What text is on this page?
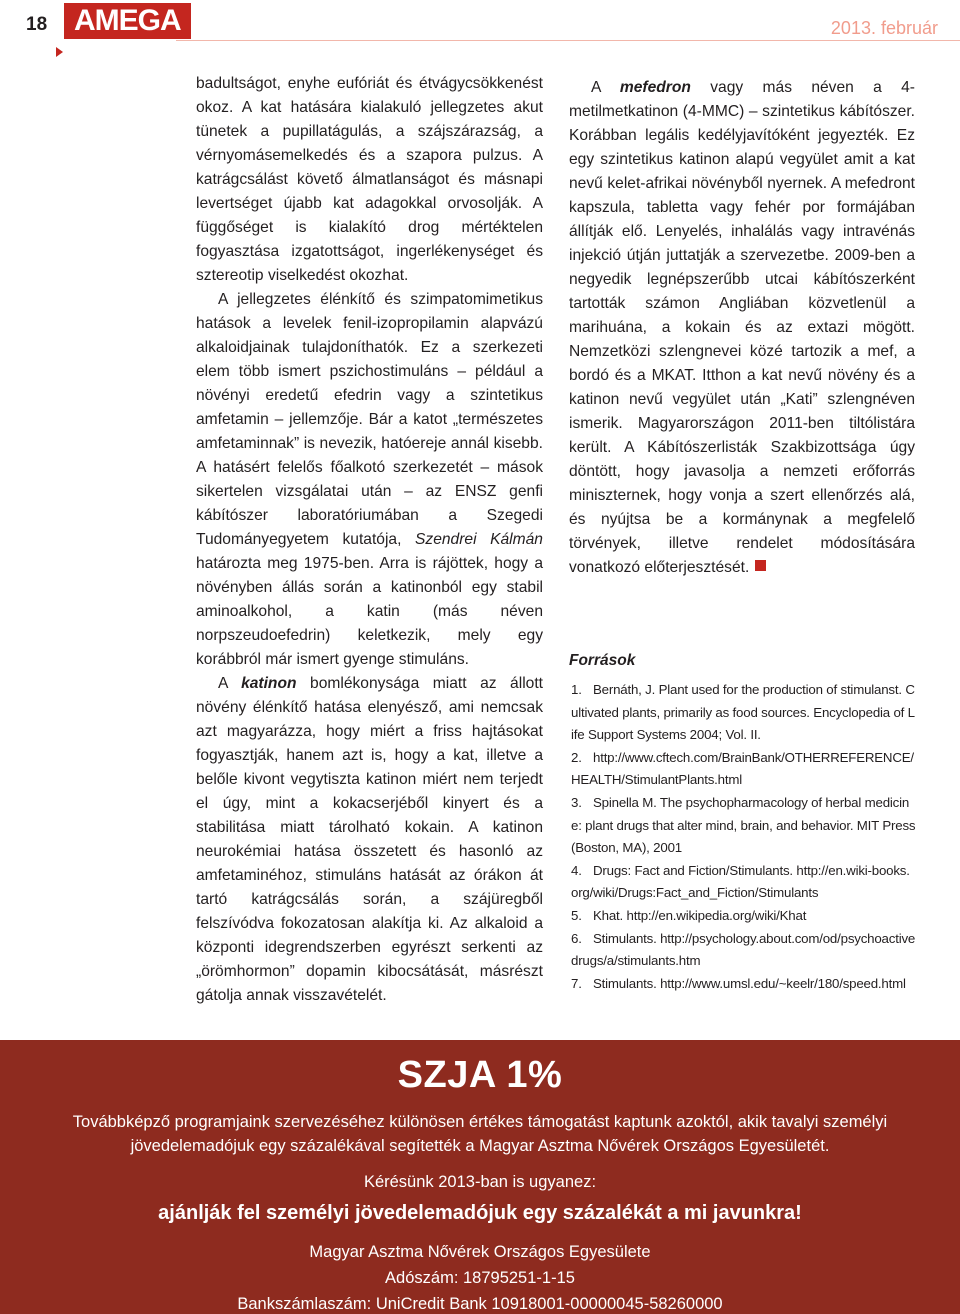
18 AMEGA	2013. február

badultságot, enyhe eufóriát és étvágycsökkenést okoz. A kat hatására kialakuló jellegzetes akut tünetek a pupillatágulás, a szájszárazság, a vérnyomásemelkedés és a szapora pulzus. A katrágcsálást követő álmatlanságot és másnapi levertséget újabb kat adagokkal orvosolják. A függőséget is kialakító drog mértéktelen fogyasztása izgatottságot, ingerlékenységet és sztereotip viselkedést okozhat.

A jellegzetes élénkítő és szimpatomimetikus hatások a levelek fenil-izopropilamin alapvázú alkaloidjainak tulajdoníthatók. Ez a szerkezeti elem több ismert pszichostimuláns – például a növényi eredetű efedrin vagy a szintetikus amfetamin – jellemzője. Bár a katot „természetes amfetaminnak” is nevezik, hatóereje annál kisebb. A hatásért felelős főalkotó szerkezetét – mások sikertelen vizsgálatai után – az ENSZ genfi kábítószer laboratóriumában a Szegedi Tudományegyetem kutatója, Szendrei Kálmán határozta meg 1975-ben. Arra is rájöttek, hogy a növényben állás során a katinonból egy stabil aminoalkohol, a katin (más néven norpszeudoefedrin) keletkezik, mely egy korábbról már ismert gyenge stimuláns.

A katinon bomlékonysága miatt az állott növény élénkítő hatása elenyésző, ami nemcsak azt magyarázza, hogy miért a friss hajtásokat fogyasztják, hanem azt is, hogy a kat, illetve a belőle kivont vegytiszta katinon miért nem terjedt el úgy, mint a kokacserjéből kinyert és a stabilitása miatt tárolható kokain. A katinon neurokémiai hatása összetett és hasonló az amfetaminéhoz, stimuláns hatását az órákon át tartó katrágcsálás során, a szájüregből felszívódva fokozatosan alakítja ki. Az alkaloid a központi idegrendszerben egyrészt serkenti az „örömhormon” dopamin kibocsátását, másrészt gátolja annak visszavételét.

A mefedron vagy más néven a 4-metilmetkatinon (4-MMC) – szintetikus kábítószer. Korábban legális kedélyjavítóként jegyezték. Ez egy szintetikus katinon alapú vegyület amit a kat nevű kelet-afrikai növényből nyernek. A mefedront kapszula, tabletta vagy fehér por formájában állítják elő. Lenyelés, inhalálás vagy intravénás injekció útján juttatják a szervezetbe. 2009-ben a negyedik legnépszerűbb utcai kábítószerként tartották számon Angliában közvetlenül a marihuána, a kokain és az extazi mögött. Nemzetközi szlengnevei közé tartozik a mef, a bordó és a MKAT. Itthon a kat nevű növény és a katinon nevű vegyület után „Kati” szlengnéven ismerik. Magyarországon 2011-ben tiltólistára került. A Kábítószerlisták Szakbizottsága úgy döntött, hogy javasolja a nemzeti erőforrás miniszternek, hogy vonja a szert ellenőrzés alá, és nyújtsa be a kormánynak a megfelelő törvények, illetve rendelet módosítására vonatkozó előterjesztését.

Források
1. Bernáth, J. Plant used for the production of stimulanst. Cultivated plants, primarily as food sources. Encyclopedia of Life Support Systems 2004; Vol. II.
2. http://www.cftech.com/BrainBank/OTHERREFERENCE/HEALTH/StimulantPlants.html
3. Spinella M. The psychopharmacology of herbal medicine: plant drugs that alter mind, brain, and behavior. MIT Press (Boston, MA), 2001
4. Drugs: Fact and Fiction/Stimulants. http://en.wiki-books.org/wiki/Drugs:Fact_and_Fiction/Stimulants
5. Khat. http://en.wikipedia.org/wiki/Khat
6. Stimulants. http://psychology.about.com/od/psychoactive drugs/a/stimulants.htm
7. Stimulants. http://www.umsl.edu/~keelr/180/speed.html
SZJA 1%
Továbbképző programjaink szervezéséhez különösen értékes támogatást kaptunk azoktól, akik tavalyi személyi jövedelemadójuk egy százalékával segítették a Magyar Asztma Nővérek Országos Egyesületét.
Kérésünk 2013-ban is ugyanez:
ajánlják fel személyi jövedelemadójuk egy százalékát a mi javunkra!
Magyar Asztma Nővérek Országos Egyesülete
Adószám: 18795251-1-15
Bankszámlaszám: UniCredit Bank 10918001-00000045-58260000
